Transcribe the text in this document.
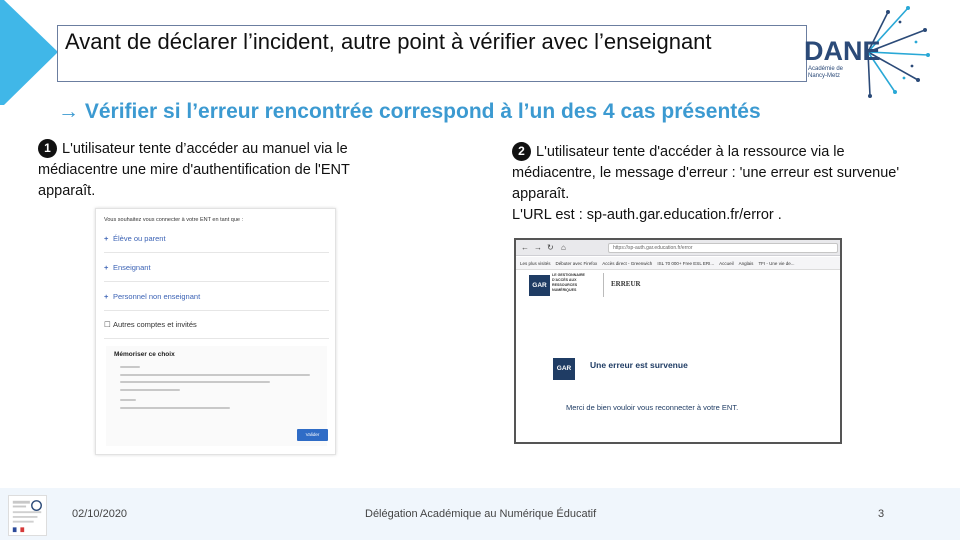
Avant de déclarer l’incident, autre point à vérifier avec l’enseignant	DANE
Académie de
Nancy-Metz
→ Vérifier si l’erreur rencontrée correspond à l’un des 4 cas présentés
1 L'utilisateur tente d’accéder au manuel via le médiacentre une mire d'authentification de l'ENT apparaît.
2 L'utilisateur tente d'accéder à la ressource via le médiacentre, le message d'erreur : 'une erreur est survenue' apparaît.
L'URL est : sp-auth.gar.education.fr/error .
Vous souhaitez vous connecter à votre ENT en tant que :
+ Élève ou parent
+ Enseignant
+ Personnel non enseignant
☐ Autres comptes et invités
Mémoriser ce choix
Valider
← → ↻ ⌂	https://sp-auth.gar.education.fr/error
Les plus visités Débuter avec Firefox Accès direct - Greenwich ISL 70 000+ Free ESL ERI... Accueil Anglais TFI - Une vie de...
GAR
LE GESTIONNAIRE D'ACCÈS AUX RESSOURCES NUMÉRIQUES
ERREUR
GAR	Une erreur est survenue
Merci de bien vouloir vous reconnecter à votre ENT.
02/10/2020	Délégation Académique au Numérique Éducatif	3
